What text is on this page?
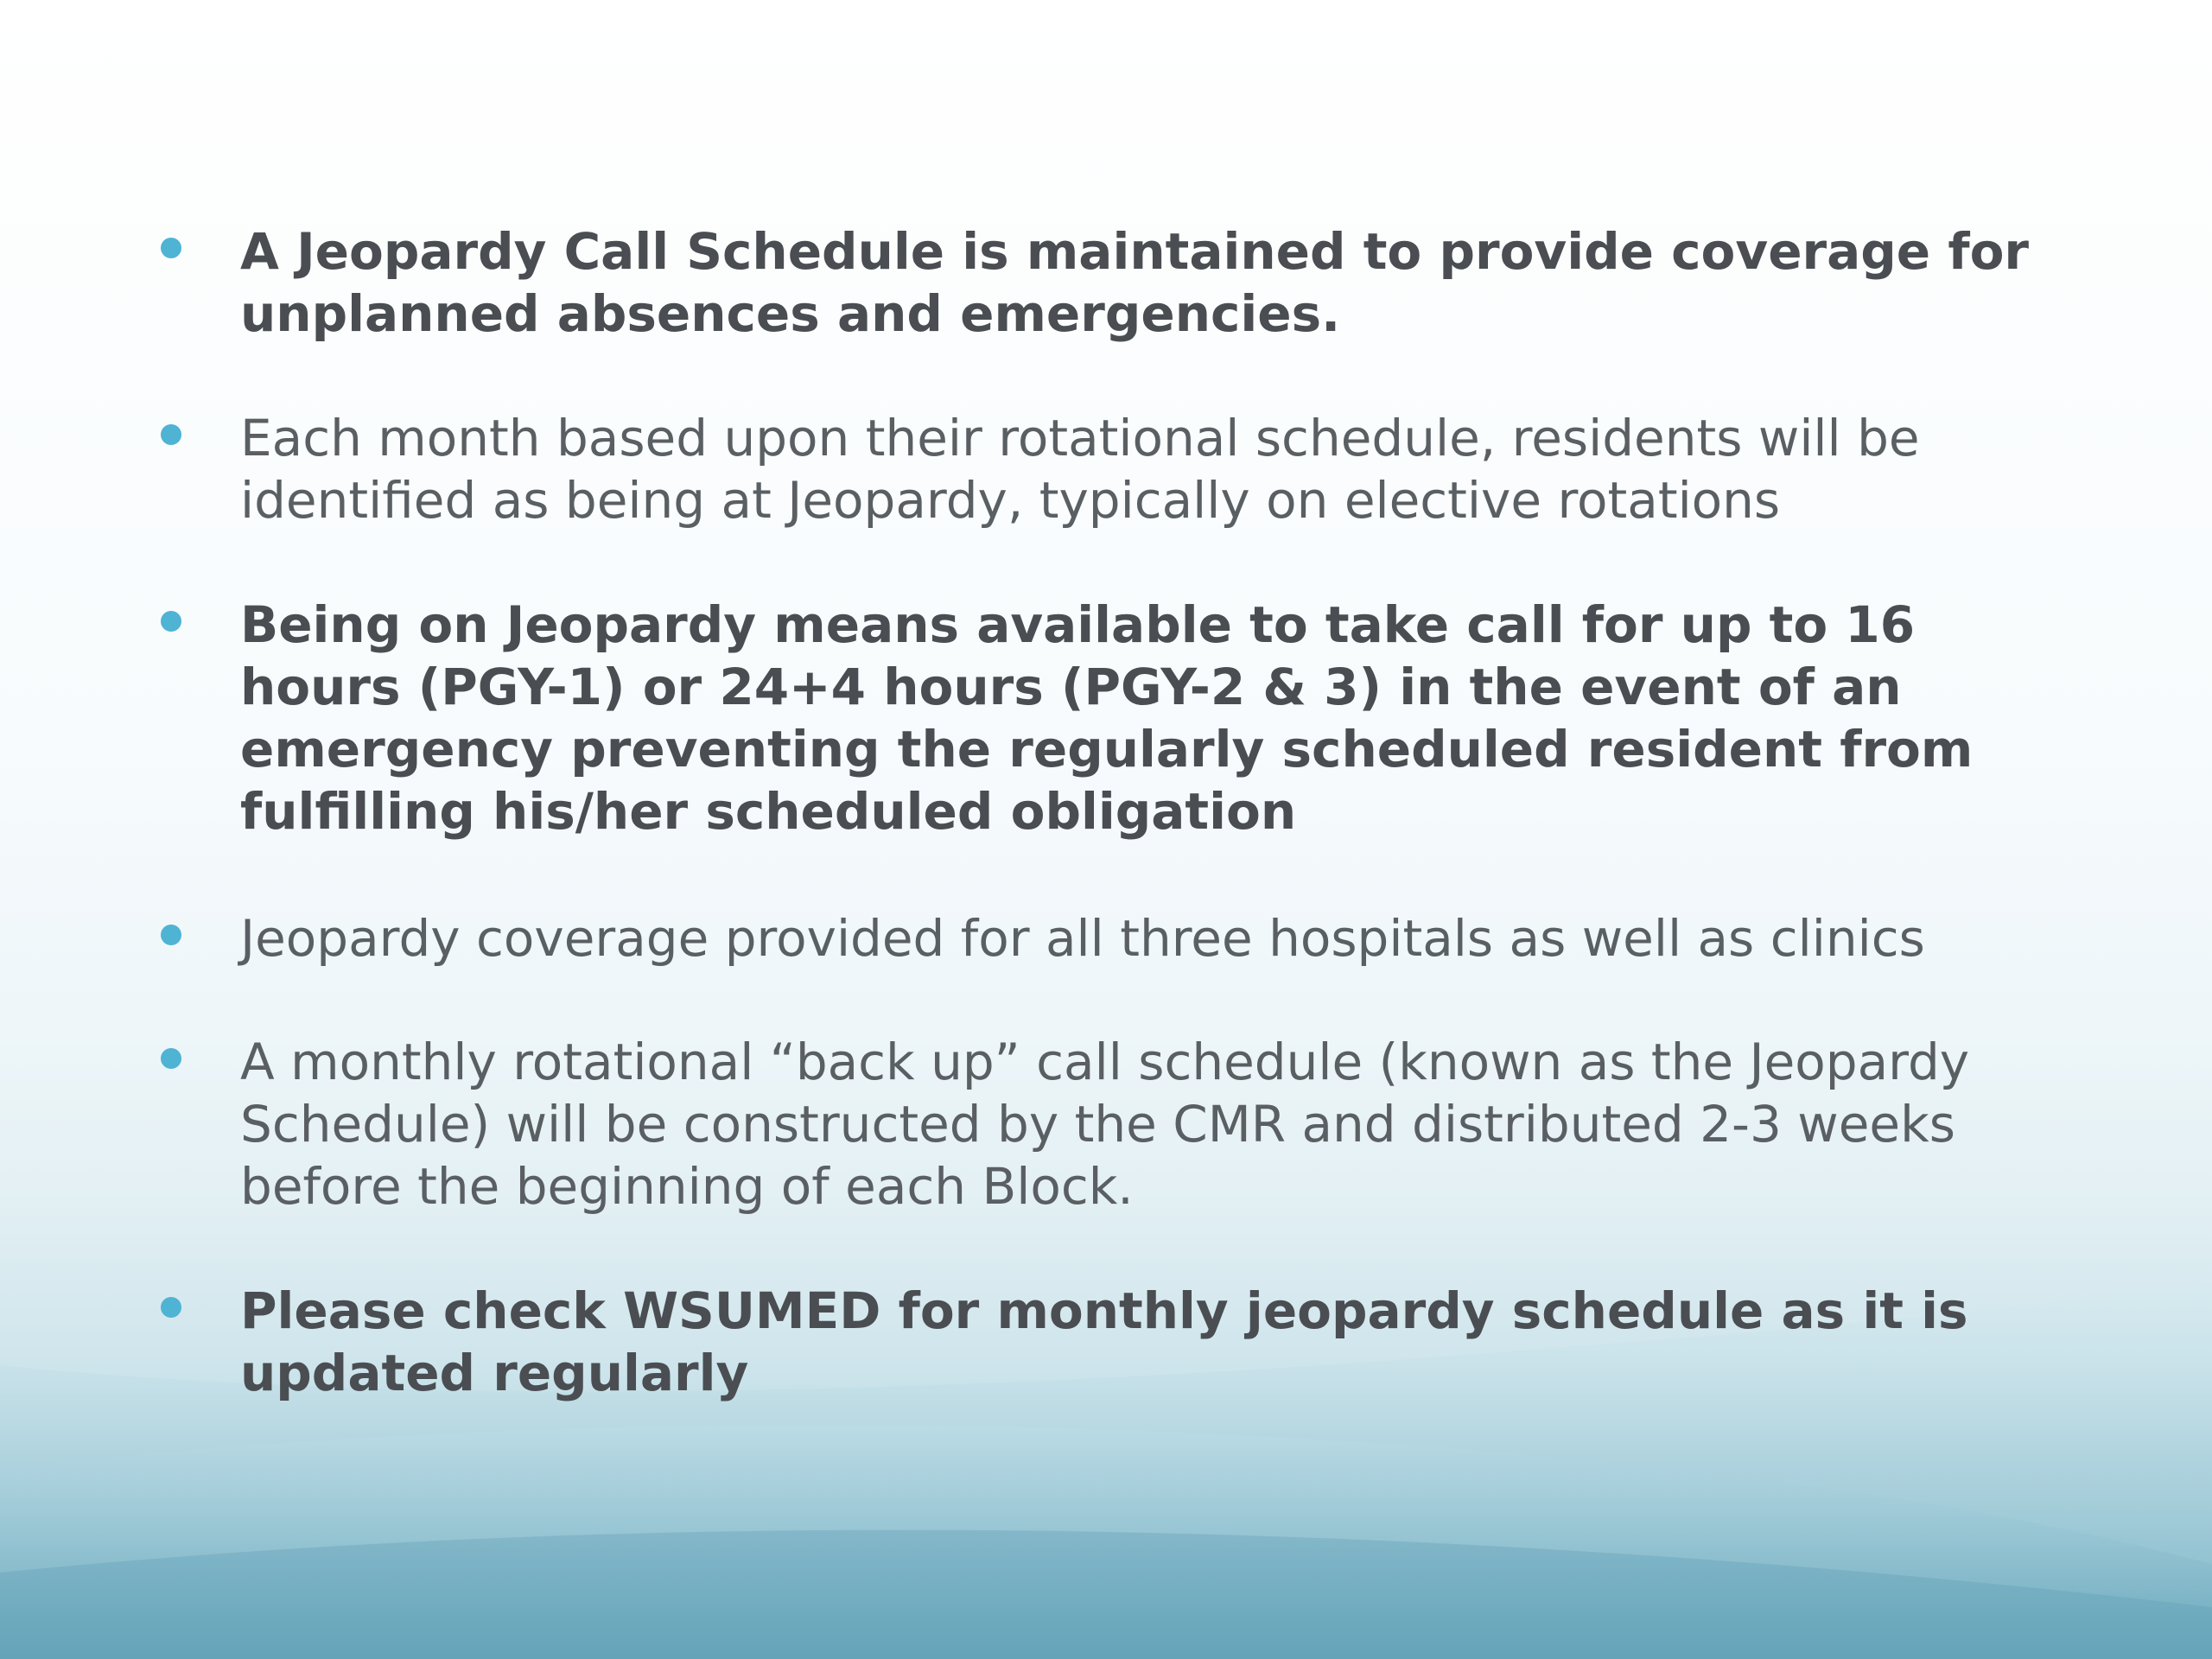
A Jeopardy Call Schedule is maintained to provide coverage for unplanned absences and emergencies.
Each month based upon their rotational schedule, residents will be identified as being at Jeopardy, typically on elective rotations
Being on Jeopardy means available to take call for up to 16 hours (PGY-1) or 24+4 hours (PGY-2 & 3) in the event of an emergency preventing the regularly scheduled resident from fulfilling his/her scheduled obligation
Jeopardy coverage provided for all three hospitals as well as clinics
A monthly rotational “back up” call schedule (known as the Jeopardy Schedule) will be constructed by the CMR and distributed 2-3 weeks before the beginning of each Block.
Please check WSUMED for monthly jeopardy schedule as it is updated regularly
